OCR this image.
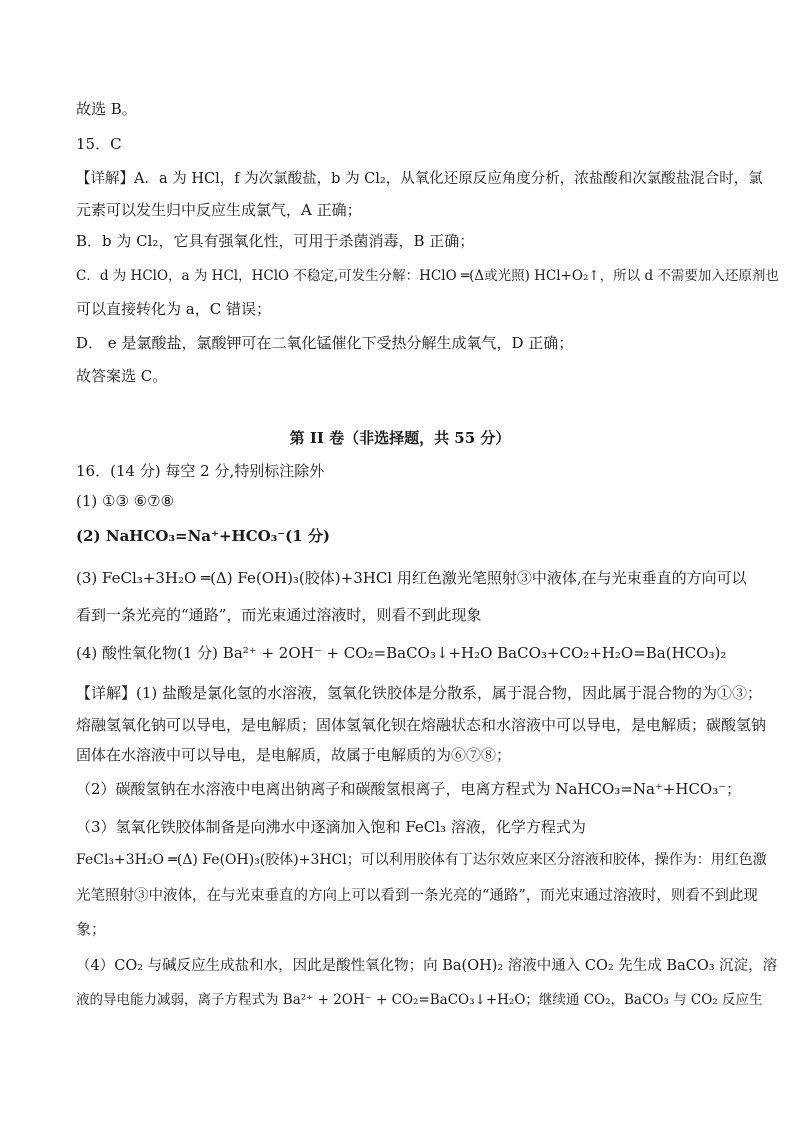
故选 B。
15．C
【详解】A．a 为 HCl，f 为次氯酸盐，b 为 Cl₂，从氧化还原反应角度分析，浓盐酸和次氯酸盐混合时，氯
元素可以发生归中反应生成氯气，A 正确；
B．b 为 Cl₂，它具有强氧化性，可用于杀菌消毒，B 正确；
C．d 为 HClO，a 为 HCl，HClO 不稳定,可发生分解：HClO ═(Δ或光照) HCl+O₂↑，所以 d 不需要加入还原剂也
可以直接转化为 a，C 错误；
D． e 是氯酸盐，氯酸钾可在二氧化锰催化下受热分解生成氧气，D 正确；
故答案选 C。
第 II 卷（非选择题，共 55 分）
16．(14 分) 每空 2 分,特别标注除外
(1) ①③ ⑥⑦⑧
(2) NaHCO₃=Na⁺+HCO₃⁻(1 分)
(3) FeCl₃+3H₂O ═(Δ) Fe(OH)₃(胶体)+3HCl 用红色激光笔照射③中液体,在与光束垂直的方向可以
看到一条光亮的“通路”，而光束通过溶液时，则看不到此现象
(4) 酸性氧化物(1 分) Ba²⁺ + 2OH⁻ + CO₂=BaCO₃↓+H₂O BaCO₃+CO₂+H₂O=Ba(HCO₃)₂
【详解】(1) 盐酸是氯化氢的水溶液，氢氧化铁胶体是分散系，属于混合物，因此属于混合物的为①③；
熔融氢氧化钠可以导电，是电解质；固体氢氧化钡在熔融状态和水溶液中可以导电，是电解质；碳酸氢钠
固体在水溶液中可以导电，是电解质，故属于电解质的为⑥⑦⑧；
（2）碳酸氢钠在水溶液中电离出钠离子和碳酸氢根离子，电离方程式为 NaHCO₃=Na⁺+HCO₃⁻；
（3）氢氧化铁胶体制备是向沸水中逐滴加入饱和 FeCl₃ 溶液，化学方程式为
FeCl₃+3H₂O ═(Δ) Fe(OH)₃(胶体)+3HCl；可以利用胶体有丁达尔效应来区分溶液和胶体，操作为：用红色激
光笔照射③中液体，在与光束垂直的方向上可以看到一条光亮的“通路”，而光束通过溶液时，则看不到此现
象；
（4）CO₂ 与碱反应生成盐和水，因此是酸性氧化物；向 Ba(OH)₂ 溶液中通入 CO₂ 先生成 BaCO₃ 沉淀，溶
液的导电能力减弱，离子方程式为 Ba²⁺ + 2OH⁻ + CO₂=BaCO₃↓+H₂O；继续通 CO₂，BaCO₃ 与 CO₂ 反应生
